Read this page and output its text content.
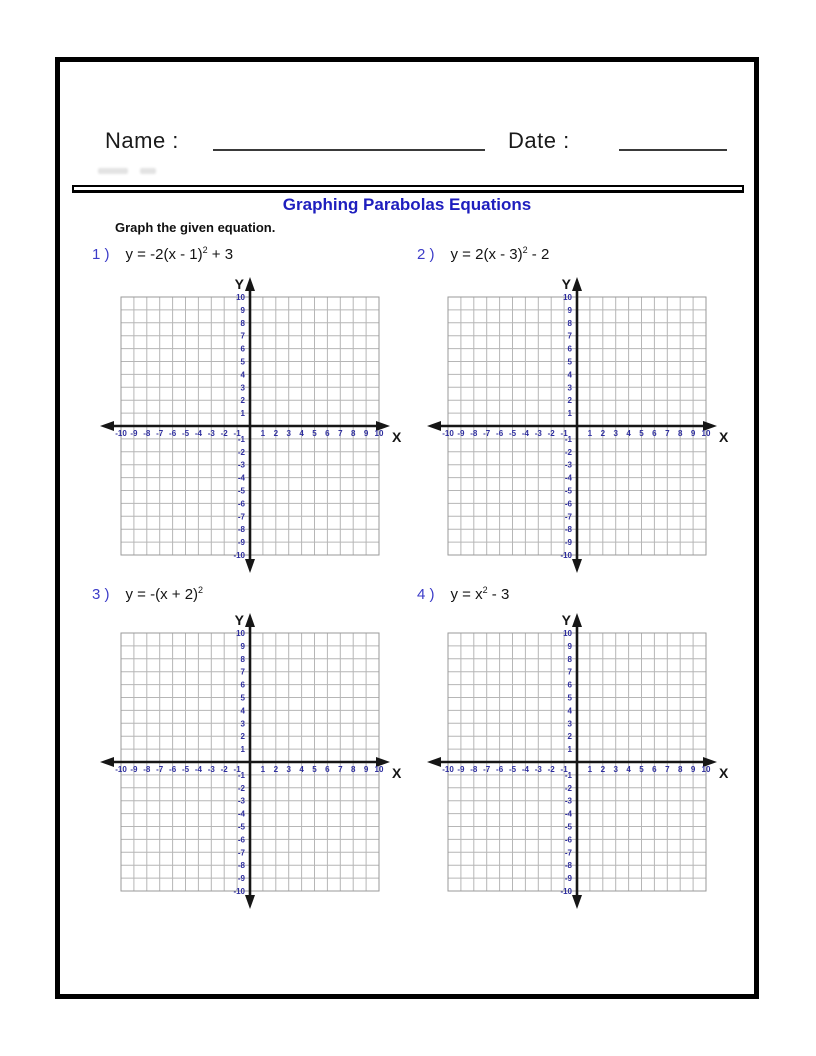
Name :	Date :
Graphing Parabolas Equations
Graph the given equation.
1 ) y = -2(x - 1)$^2$ + 3	2 ) y = 2(x - 3)$^2$ - 2
3 ) $y = -(x + 2)^2$	4 ) $y = x^2 - 3$
-10 -9 -8 -7 -6 -5 -4 -3 -2 -1	1 2 3 4 5 6 7 8 9 10
10
9
8
7
6
5
4
3
2
1
-1
-2
-3
-4
-5
-6
-7
-8
-9
-10
X
Y
-10 -9 -8 -7 -6 -5 -4 -3 -2 -1	1 2 3 4 5 6 7 8 9 10
10
9
8
7
6
5
4
3
2
1
-1
-2
-3
-4
-5
-6
-7
-8
-9
-10
X
Y
-10 -9 -8 -7 -6 -5 -4 -3 -2 -1	1 2 3 4 5 6 7 8 9 10
10
9
8
7
6
5
4
3
2
1
-1
-2
-3
-4
-5
-6
-7
-8
-9
-10
X
Y
-10 -9 -8 -7 -6 -5 -4 -3 -2 -1	1 2 3 4 5 6 7 8 9 10
10
9
8
7
6
5
4
3
2
1
-1
-2
-3
-4
-5
-6
-7
-8
-9
-10
X
Y
